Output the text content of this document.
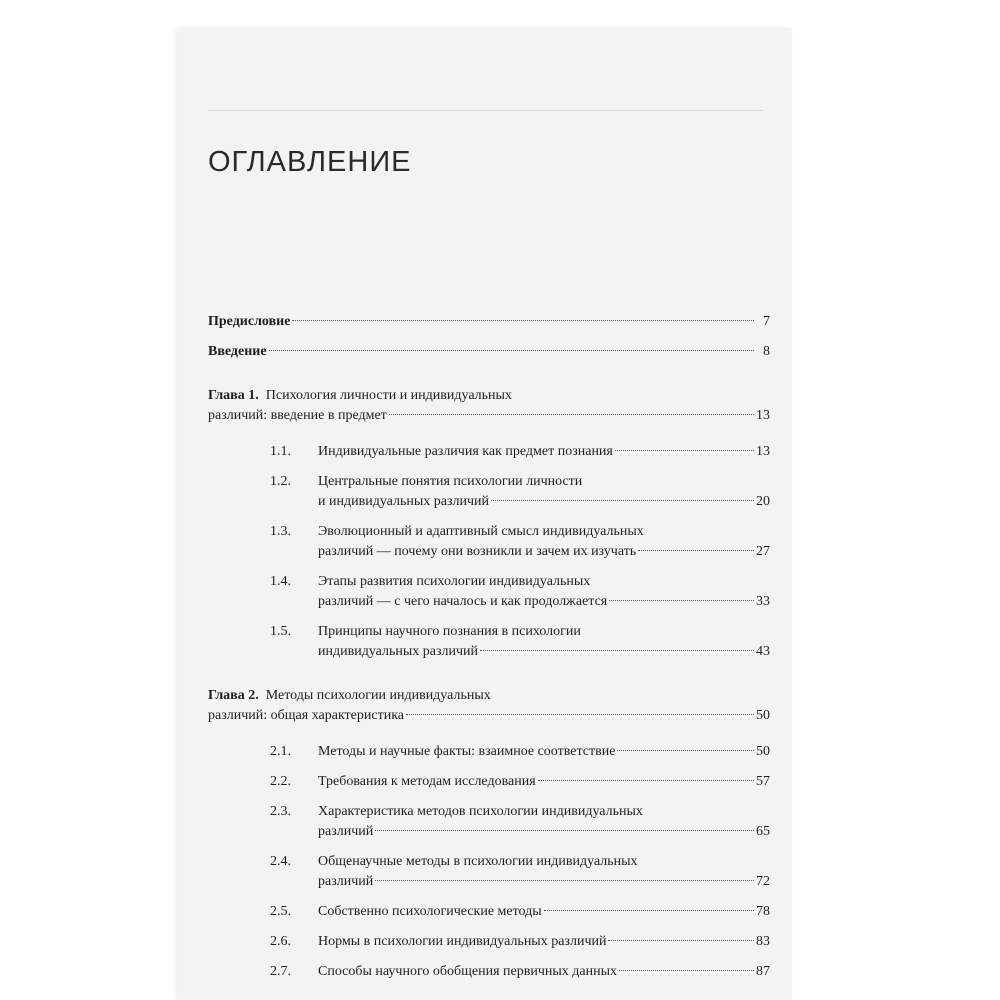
ОГЛАВЛЕНИЕ
Предисловие	7
Введение	8
Глава 1. Психология личности и индивидуальных
различий: введение в предмет	13
1.1.	Индивидуальные различия как предмет познания	13
1.2.	Центральные понятия психологии личности
и индивидуальных различий	20
1.3.	Эволюционный и адаптивный смысл индивидуальных
различий — почему они возникли и зачем их изучать	27
1.4.	Этапы развития психологии индивидуальных
различий — с чего началось и как продолжается	33
1.5.	Принципы научного познания в психологии
индивидуальных различий	43
Глава 2. Методы психологии индивидуальных
различий: общая характеристика	50
2.1.	Методы и научные факты: взаимное соответствие	50
2.2.	Требования к методам исследования	57
2.3.	Характеристика методов психологии индивидуальных
различий	65
2.4.	Общенаучные методы в психологии индивидуальных
различий	72
2.5.	Собственно психологические методы	78
2.6.	Нормы в психологии индивидуальных различий	83
2.7.	Способы научного обобщения первичных данных	87
